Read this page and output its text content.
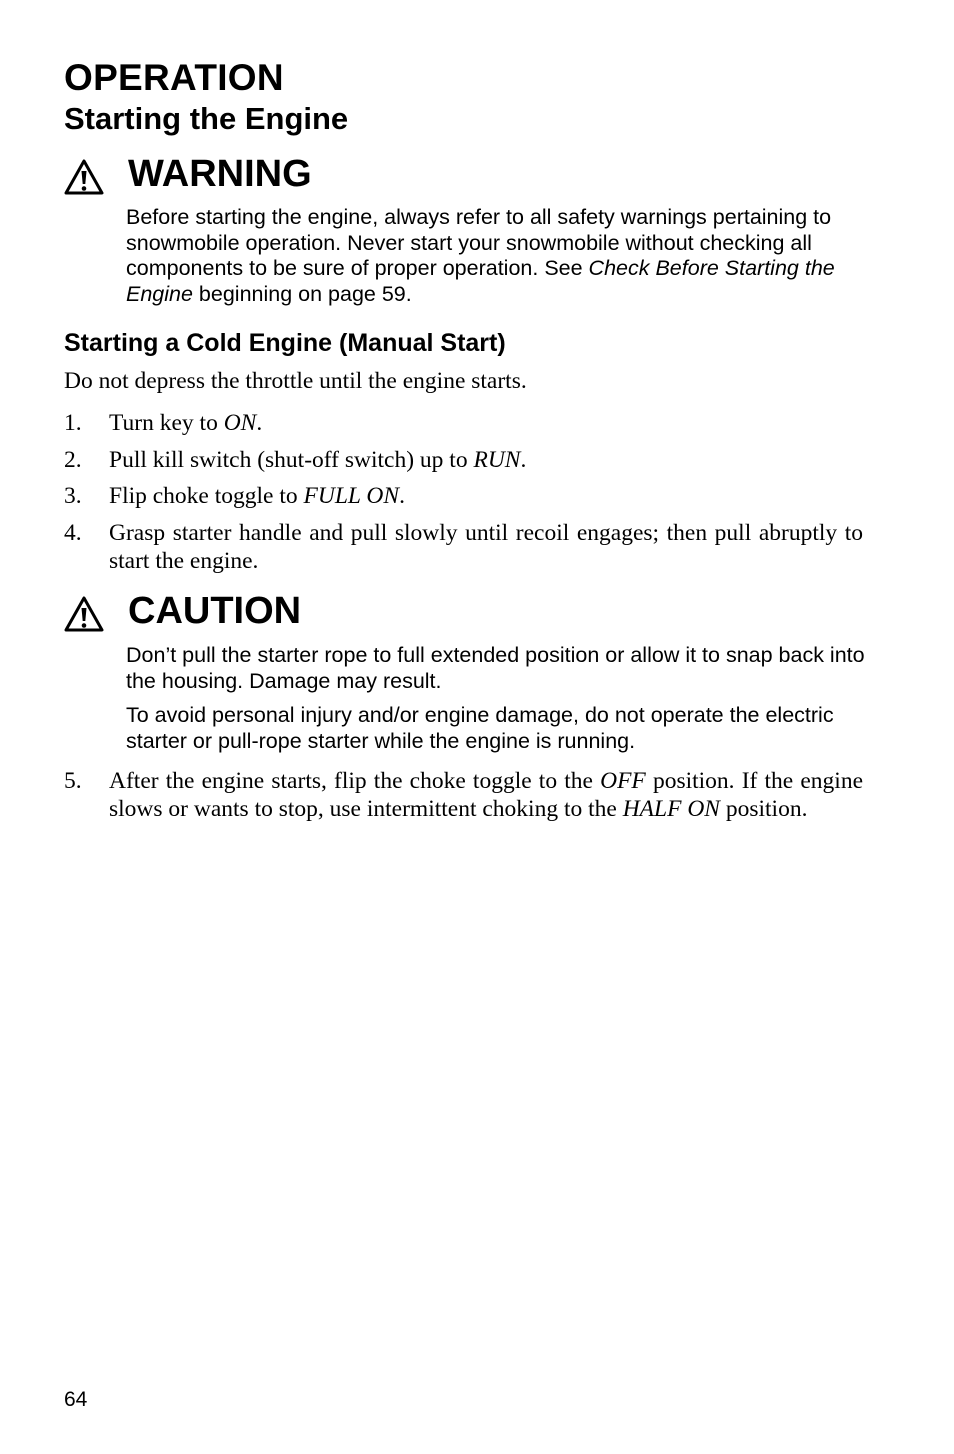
OPERATION
Starting the Engine
WARNING

Before starting the engine, always refer to all safety warnings pertaining to snowmobile operation. Never start your snowmobile without checking all components to be sure of proper operation. See Check Before Starting the Engine beginning on page 59.

Starting a Cold Engine (Manual Start)

Do not depress the throttle until the engine starts.

1. Turn key to ON.
2. Pull kill switch (shut-off switch) up to RUN.
3. Flip choke toggle to FULL ON.
4. Grasp starter handle and pull slowly until recoil engages; then pull abruptly to start the engine.
CAUTION

Don’t pull the starter rope to full extended position or allow it to snap back into the housing. Damage may result.

To avoid personal injury and/or engine damage, do not operate the electric starter or pull-rope starter while the engine is running.

5. After the engine starts, flip the choke toggle to the OFF position. If the engine slows or wants to stop, use intermittent choking to the HALF ON position.
64
